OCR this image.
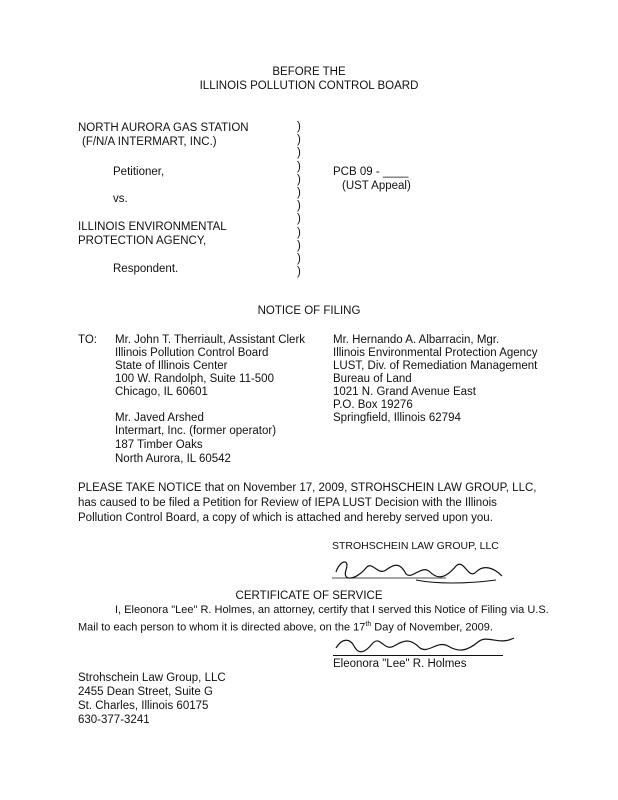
BEFORE THE
ILLINOIS POLLUTION CONTROL BOARD
NORTH AURORA GAS STATION
(F/N/A INTERMART, INC.)
Petitioner,
vs.
ILLINOIS ENVIRONMENTAL
PROTECTION AGENCY,
Respondent.
)
)
)
)
)
)
)
)
)
)
)
)
PCB 09 - ____
(UST Appeal)
NOTICE OF FILING
TO: Mr. John T. Therriault, Assistant Clerk
Illinois Pollution Control Board
State of Illinois Center
100 W. Randolph, Suite 11-500
Chicago, IL 60601
Mr. Javed Arshed
Intermart, Inc. (former operator)
187 Timber Oaks
North Aurora, IL 60542
Mr. Hernando A. Albarracin, Mgr.
Illinois Environmental Protection Agency
LUST, Div. of Remediation Management
Bureau of Land
1021 N. Grand Avenue East
P.O. Box 19276
Springfield, Illinois 62794
PLEASE TAKE NOTICE that on November 17, 2009, STROHSCHEIN LAW GROUP, LLC,
has caused to be filed a Petition for Review of IEPA LUST Decision with the Illinois
Pollution Control Board, a copy of which is attached and hereby served upon you.
STROHSCHEIN LAW GROUP, LLC
CERTIFICATE OF SERVICE
I, Eleonora "Lee" R. Holmes, an attorney, certify that I served this Notice of Filing via U.S.
Mail to each person to whom it is directed above, on the 17th Day of November, 2009.
Eleonora "Lee" R. Holmes
Strohschein Law Group, LLC
2455 Dean Street, Suite G
St. Charles, Illinois 60175
630-377-3241
